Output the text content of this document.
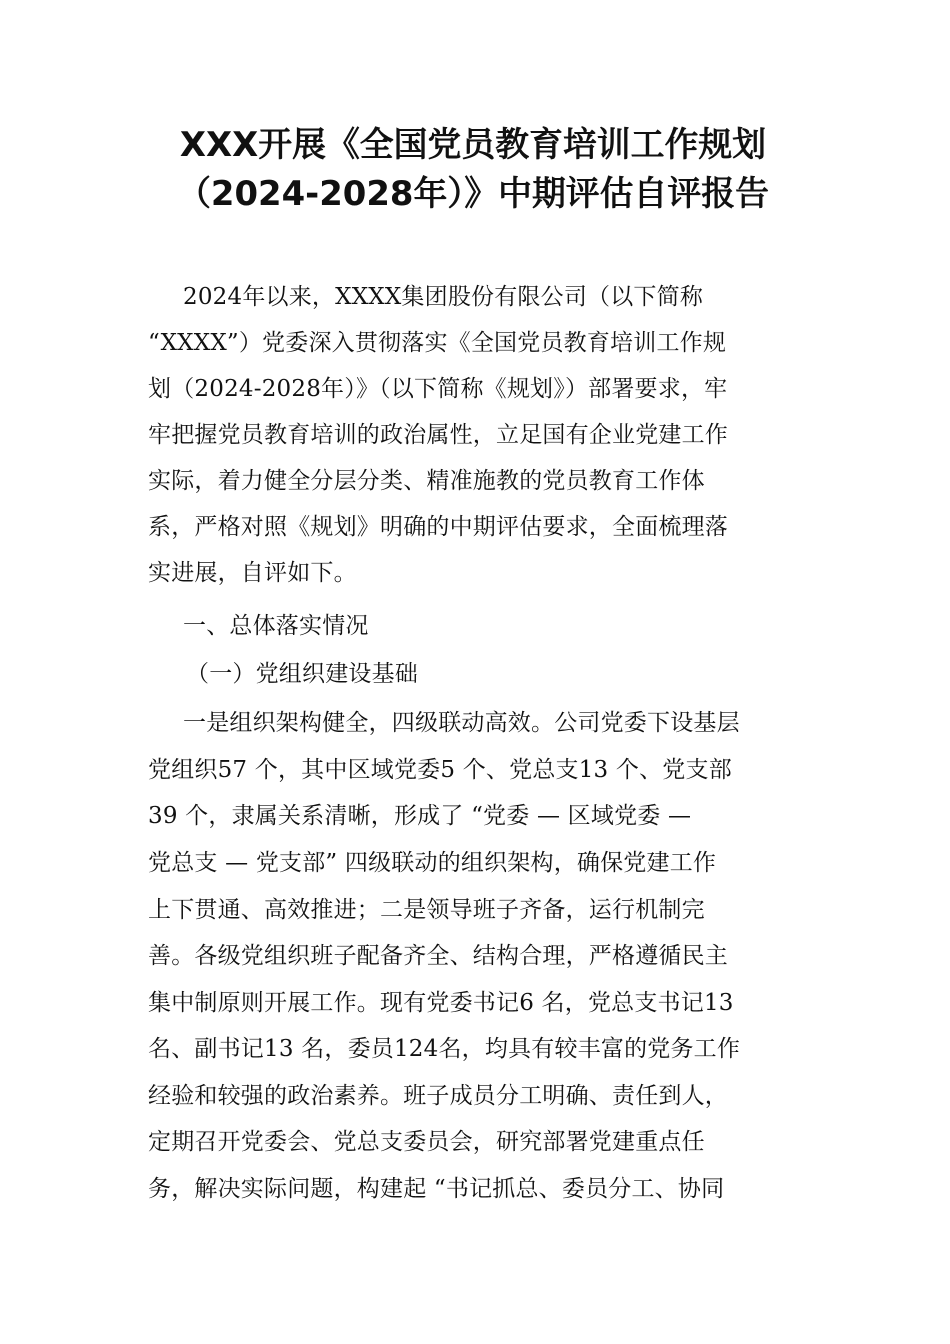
XXX开展《全国党员教育培训工作规划
（2024-2028年）》中期评估自评报告
2024年以来，XXXX集团股份有限公司（以下简称
“XXXX”）党委深入贯彻落实《全国党员教育培训工作规
划（2024-2028年）》（以下简称《规划》）部署要求，牢
牢把握党员教育培训的政治属性，立足国有企业党建工作
实际，着力健全分层分类、精准施教的党员教育工作体
系，严格对照《规划》明确的中期评估要求，全面梳理落
实进展，自评如下。
一、总体落实情况
（一）党组织建设基础
一是组织架构健全，四级联动高效。公司党委下设基层
党组织57 个，其中区域党委5 个、党总支13 个、党支部
39 个，隶属关系清晰，形成了 “党委 — 区域党委 —
党总支 — 党支部” 四级联动的组织架构，确保党建工作
上下贯通、高效推进；二是领导班子齐备，运行机制完
善。各级党组织班子配备齐全、结构合理，严格遵循民主
集中制原则开展工作。现有党委书记6 名，党总支书记13
名、副书记13 名，委员124名，均具有较丰富的党务工作
经验和较强的政治素养。班子成员分工明确、责任到人，
定期召开党委会、党总支委员会，研究部署党建重点任
务，解决实际问题，构建起 “书记抓总、委员分工、协同
